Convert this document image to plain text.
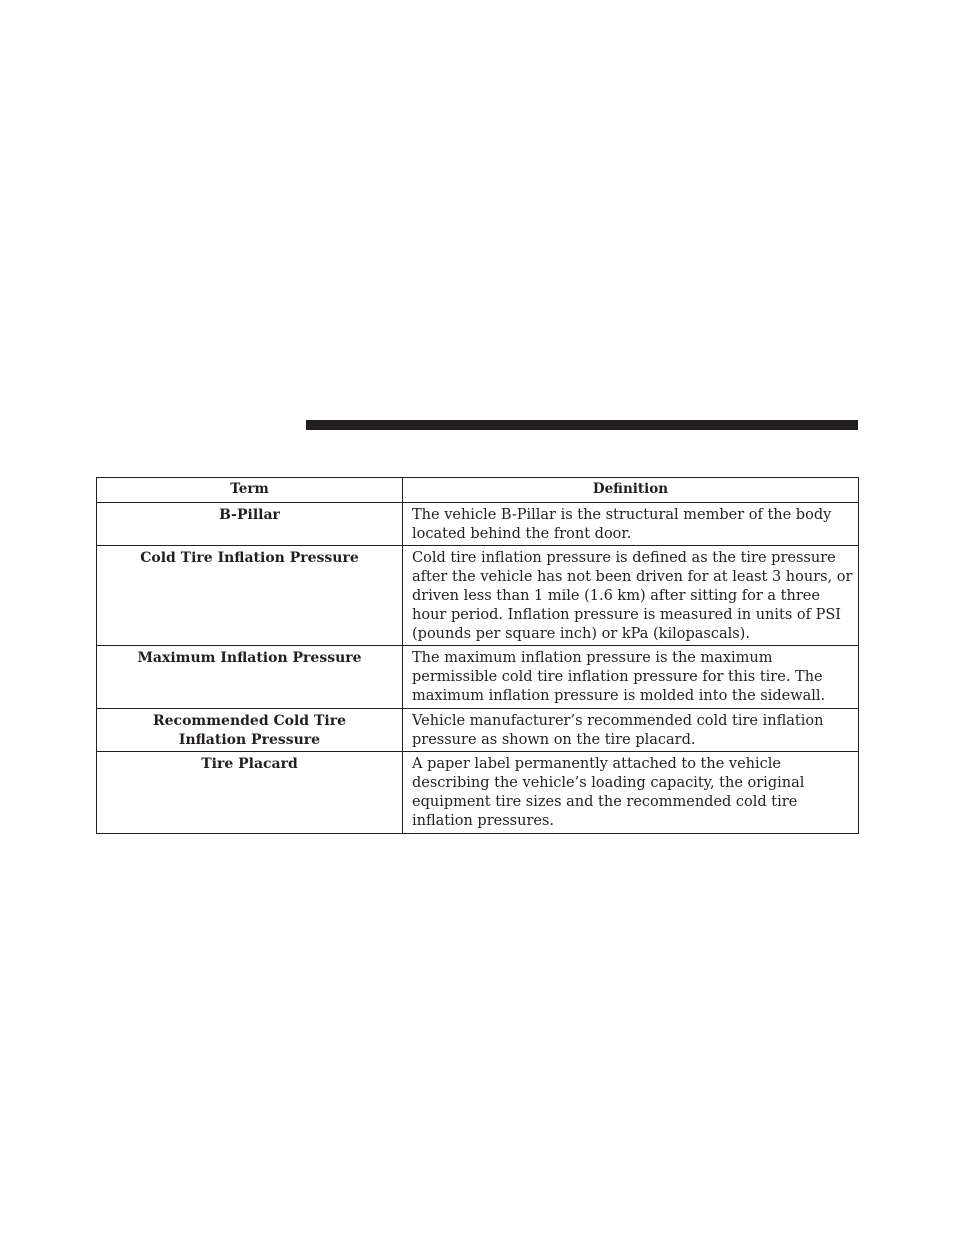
Term	Definition
B-Pillar	The vehicle B-Pillar is the structural member of the body located behind the front door.
Cold Tire Inflation Pressure	Cold tire inflation pressure is defined as the tire pressure after the vehicle has not been driven for at least 3 hours, or driven less than 1 mile (1.6 km) after sitting for a three hour period. Inflation pressure is measured in units of PSI (pounds per square inch) or kPa (kilopascals).
Maximum Inflation Pressure	The maximum inflation pressure is the maximum permissible cold tire inflation pressure for this tire. The maximum inflation pressure is molded into the sidewall.
Recommended Cold Tire Inflation Pressure	Vehicle manufacturer’s recommended cold tire inflation pressure as shown on the tire placard.
Tire Placard	A paper label permanently attached to the vehicle describing the vehicle’s loading capacity, the original equipment tire sizes and the recommended cold tire inflation pressures.
